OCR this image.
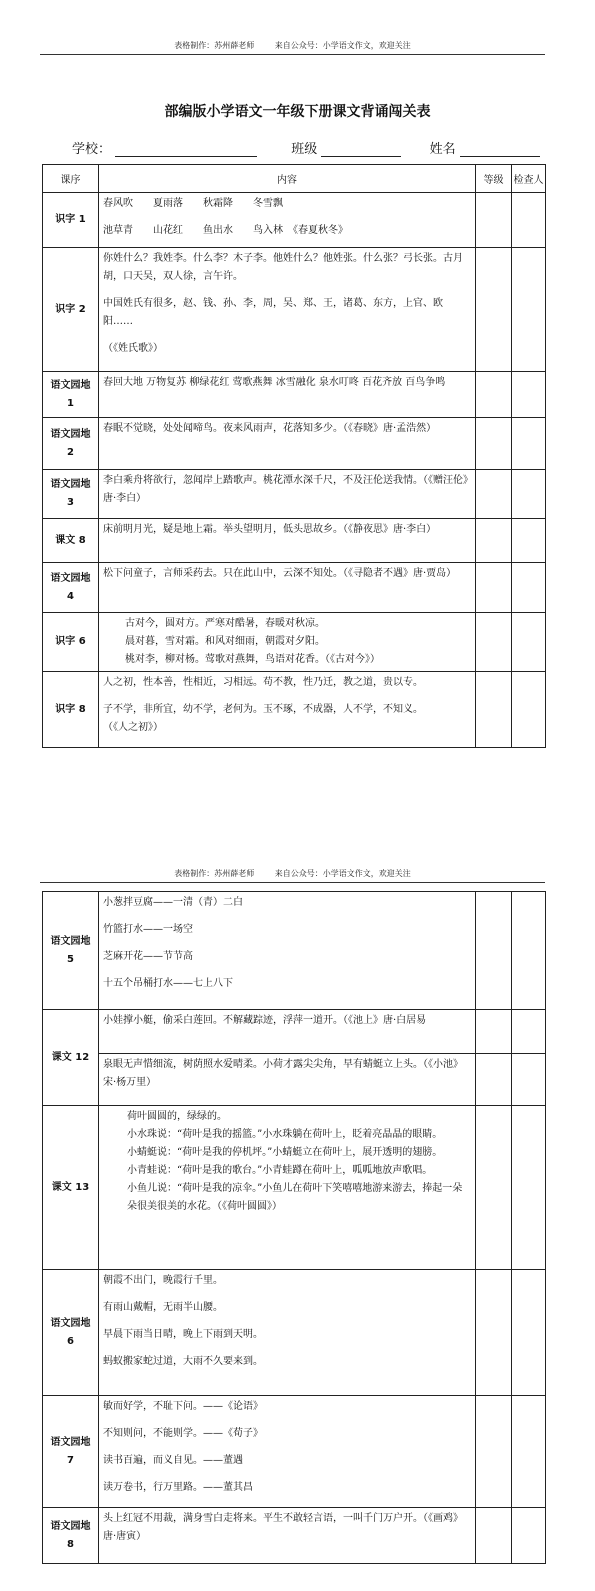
表格制作：苏州薛老师	来自公众号：小学语文作文，欢迎关注
部编版小学语文一年级下册课文背诵闯关表
学校：	班级	姓名
课序	内容	等级	检查人
识字 1	春风吹　　夏雨落　　秋霜降　　冬雪飘

池草青　　山花红　　鱼出水　　鸟入林　《春夏秋冬》		

识字 2	你姓什么？我姓李。什么李？木子李。他姓什么？他姓张。什么张？弓长张。古月胡，口天吴，双人徐，言午许。

中国姓氏有很多，赵、钱、孙、李，周，吴、郑、王，诸葛、东方，上官、欧阳……

（《姓氏歌》）		

语文园地 1	春回大地 万物复苏 柳绿花红 莺歌燕舞 冰雪融化 泉水叮咚 百花齐放 百鸟争鸣		

语文园地 2	春眠不觉晓，处处闻啼鸟。夜来风雨声，花落知多少。（《春晓》唐·孟浩然）		

语文园地 3	李白乘舟将欲行，忽闻岸上踏歌声。桃花潭水深千尺，不及汪伦送我情。（《赠汪伦》唐·李白）		

课文 8	床前明月光，疑是地上霜。举头望明月，低头思故乡。（《静夜思》唐·李白）		

语文园地 4	松下问童子，言师采药去。只在此山中，云深不知处。（《寻隐者不遇》唐·贾岛）		

识字 6	古对今，圆对方。严寒对酷暑，春暖对秋凉。

晨对暮，雪对霜。和风对细雨，朝霞对夕阳。

桃对李，柳对杨。莺歌对燕舞，鸟语对花香。（《古对今》）		

识字 8	人之初，性本善，性相近，习相远。苟不教，性乃迁，教之道，贵以专。

子不学，非所宜，幼不学，老何为。玉不琢，不成器，人不学，不知义。

（《人之初》）		

表格制作：苏州薛老师	来自公众号：小学语文作文，欢迎关注
语文园地 5	小葱拌豆腐——一清（青）二白

竹篮打水——一场空

芝麻开花——节节高

十五个吊桶打水——七上八下		

课文 12	小娃撑小艇，偷采白莲回。不解藏踪迹，浮萍一道开。（《池上》唐·白居易		

	泉眼无声惜细流，树荫照水爱晴柔。小荷才露尖尖角，早有蜻蜓立上头。（《小池》宋·杨万里）		

课文 13	荷叶圆圆的，绿绿的。

小水珠说：“荷叶是我的摇篮。”小水珠躺在荷叶上，眨着亮晶晶的眼睛。

小蜻蜓说：“荷叶是我的停机坪。”小蜻蜓立在荷叶上，展开透明的翅膀。

小青蛙说：“荷叶是我的歌台。”小青蛙蹲在荷叶上，呱呱地放声歌唱。

小鱼儿说：“荷叶是我的凉伞。”小鱼儿在荷叶下笑嘻嘻地游来游去，捧起一朵朵很美很美的水花。（《荷叶圆圆》）		

语文园地 6	朝霞不出门，晚霞行千里。

有雨山戴帽，无雨半山腰。

早晨下雨当日晴，晚上下雨到天明。

蚂蚁搬家蛇过道，大雨不久要来到。		

语文园地 7	敏而好学，不耻下问。——《论语》

不知则问，不能则学。——《荀子》

读书百遍，而义自见。——董遇

读万卷书，行万里路。——董其昌		

语文园地 8	头上红冠不用裁，满身雪白走将来。平生不敢轻言语，一叫千门万户开。（《画鸡》唐·唐寅）		
